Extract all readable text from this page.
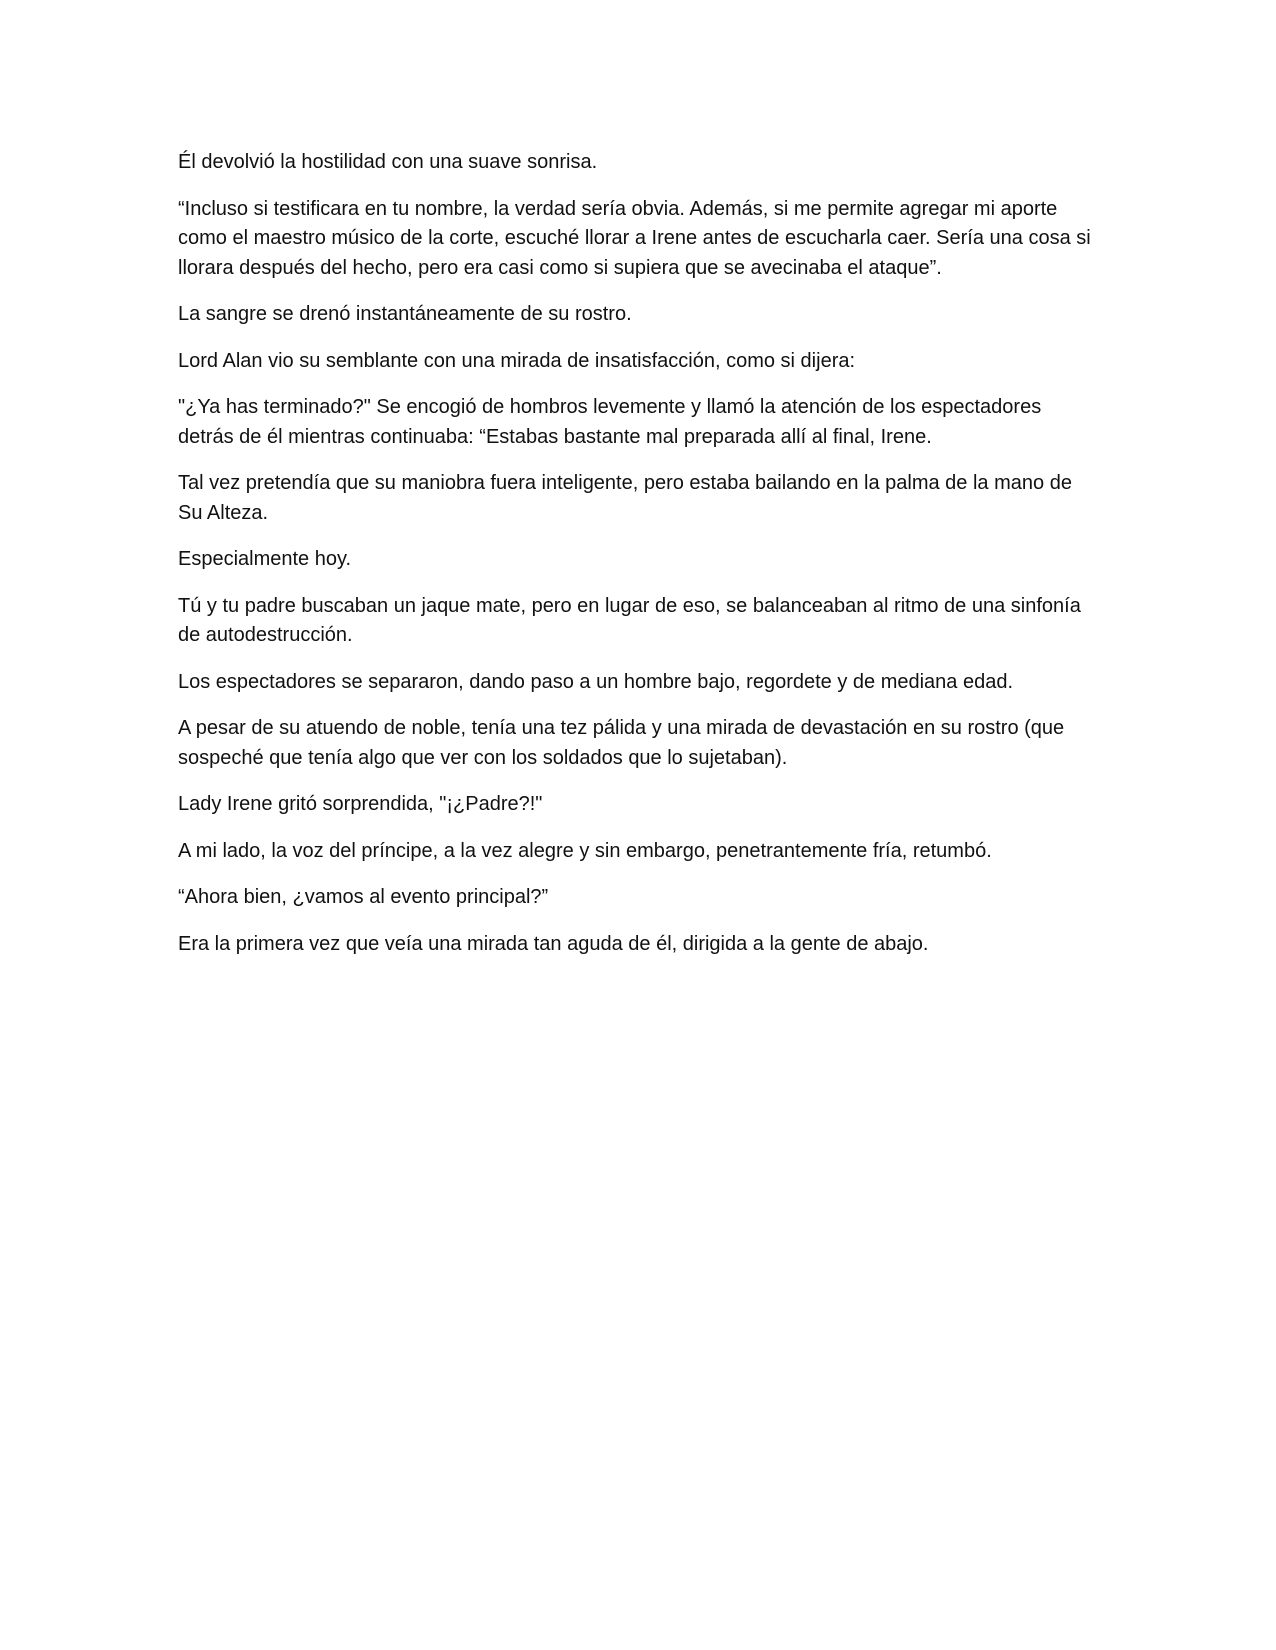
Él devolvió la hostilidad con una suave sonrisa.

“Incluso si testificara en tu nombre, la verdad sería obvia. Además, si me permite agregar mi aporte como el maestro músico de la corte, escuché llorar a Irene antes de escucharla caer. Sería una cosa si llorara después del hecho, pero era casi como si supiera que se avecinaba el ataque”.

La sangre se drenó instantáneamente de su rostro.

Lord Alan vio su semblante con una mirada de insatisfacción, como si dijera:

"¿Ya has terminado?" Se encogió de hombros levemente y llamó la atención de los espectadores detrás de él mientras continuaba: “Estabas bastante mal preparada allí al final, Irene.

Tal vez pretendía que su maniobra fuera inteligente, pero estaba bailando en la palma de la mano de Su Alteza.

Especialmente hoy.

Tú y tu padre buscaban un jaque mate, pero en lugar de eso, se balanceaban al ritmo de una sinfonía de autodestrucción.

Los espectadores se separaron, dando paso a un hombre bajo, regordete y de mediana edad.

A pesar de su atuendo de noble, tenía una tez pálida y una mirada de devastación en su rostro (que sospeché que tenía algo que ver con los soldados que lo sujetaban).

Lady Irene gritó sorprendida, "¡¿Padre?!"

A mi lado, la voz del príncipe, a la vez alegre y sin embargo, penetrantemente fría, retumbó.

“Ahora bien, ¿vamos al evento principal?”

Era la primera vez que veía una mirada tan aguda de él, dirigida a la gente de abajo.
